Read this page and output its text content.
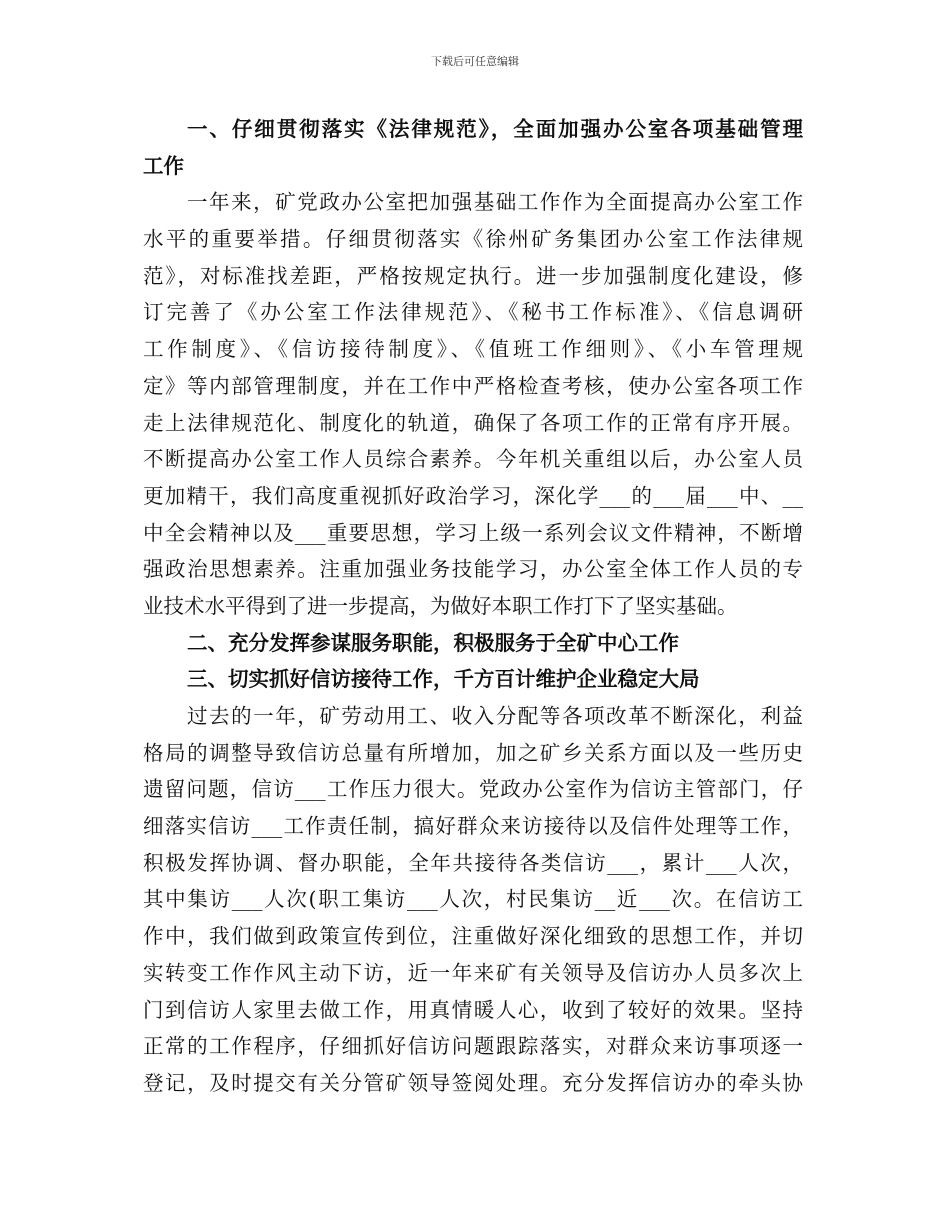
下载后可任意编辑
一、仔细贯彻落实《法律规范》，全面加强办公室各项基础管理
工作
一年来，矿党政办公室把加强基础工作作为全面提高办公室工作
水平的重要举措。仔细贯彻落实《徐州矿务集团办公室工作法律规
范》，对标准找差距，严格按规定执行。进一步加强制度化建设，修
订完善了《办公室工作法律规范》、《秘书工作标准》、《信息调研
工作制度》、《信访接待制度》、《值班工作细则》、《小车管理规
定》等内部管理制度，并在工作中严格检查考核，使办公室各项工作
走上法律规范化、制度化的轨道，确保了各项工作的正常有序开展。
不断提高办公室工作人员综合素养。今年机关重组以后，办公室人员
更加精干，我们高度重视抓好政治学习，深化学___的___届___中、__
中全会精神以及___重要思想，学习上级一系列会议文件精神，不断增
强政治思想素养。注重加强业务技能学习，办公室全体工作人员的专
业技术水平得到了进一步提高，为做好本职工作打下了坚实基础。
二、充分发挥参谋服务职能，积极服务于全矿中心工作
三、切实抓好信访接待工作，千方百计维护企业稳定大局
过去的一年，矿劳动用工、收入分配等各项改革不断深化，利益
格局的调整导致信访总量有所增加，加之矿乡关系方面以及一些历史
遗留问题，信访___工作压力很大。党政办公室作为信访主管部门，仔
细落实信访___工作责任制，搞好群众来访接待以及信件处理等工作，
积极发挥协调、督办职能，全年共接待各类信访___，累计___人次，
其中集访___人次(职工集访___人次，村民集访__近___次。在信访工
作中，我们做到政策宣传到位，注重做好深化细致的思想工作，并切
实转变工作作风主动下访，近一年来矿有关领导及信访办人员多次上
门到信访人家里去做工作，用真情暖人心，收到了较好的效果。坚持
正常的工作程序，仔细抓好信访问题跟踪落实，对群众来访事项逐一
登记，及时提交有关分管矿领导签阅处理。充分发挥信访办的牵头协
